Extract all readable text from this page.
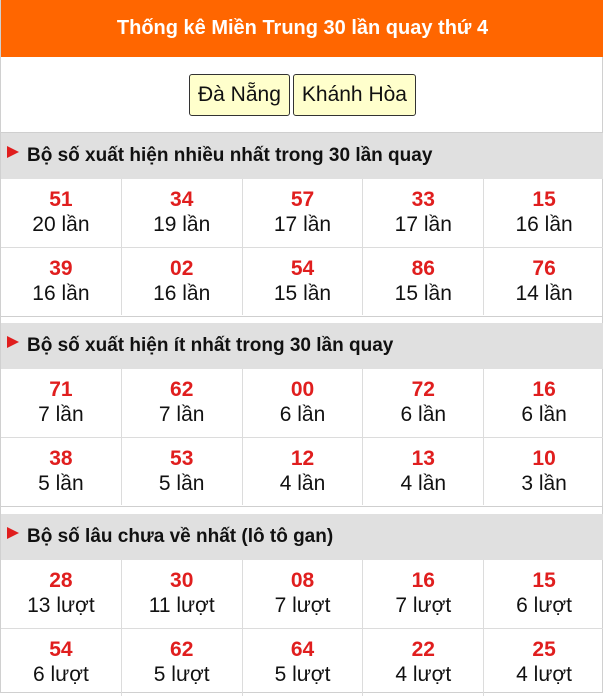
Thống kê Miền Trung 30 lần quay thứ 4
Đà Nẵng	Khánh Hòa
Bộ số xuất hiện nhiều nhất trong 30 lần quay
51
20 lần
34
19 lần
57
17 lần
33
17 lần
15
16 lần
39
16 lần
02
16 lần
54
15 lần
86
15 lần
76
14 lần
Bộ số xuất hiện ít nhất trong 30 lần quay
71
7 lần
62
7 lần
00
6 lần
72
6 lần
16
6 lần
38
5 lần
53
5 lần
12
4 lần
13
4 lần
10
3 lần
Bộ số lâu chưa về nhất (lô tô gan)
28
13 lượt
30
11 lượt
08
7 lượt
16
7 lượt
15
6 lượt
54
6 lượt
62
5 lượt
64
5 lượt
22
4 lượt
25
4 lượt
